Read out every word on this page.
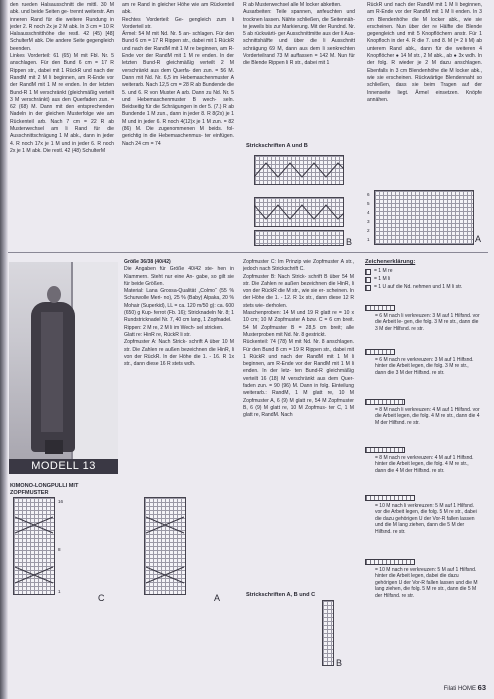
den rueden Halsausschnitt die mittl. 30 M abk. und beide Seiten ge- trennt weiterstr. Am inneren Rand für die weitere Rundung in jeder 2. R noch 2x je 2 M abk. In 3 cm = 10 R Halsausschnitthöhe die restl. 42 (45) [48] SchulterM abk. Die andere Seite gegengleich beenden.

Linkes Vorderteil: 61 (65) M mit Fbl. Nr. 5 anschlagen. Für den Bund 6 cm = 17 R Rippen str., dabei mit 1 RückR und nach der RandM mit 2 M li beginnen, am R-Ende vor der RandM mit 1 M re enden. In der letzten Bund-R 1 M verschränkt (gleichmäßig verteilt 3 M verschränkt) aus den Querfaden zun. = 62 (68) M. Dann mit den entsprechenden Nadeln in der gleichen Musterfolge wie am Rückenteil arb. Nach 7 cm = 22 R ab Musterwechsel am li Rand für die Ausschnittschrägung 1 M abk., dann in jeder 4. R noch 17x je 1 M und in jeder 6. R noch 2x je 1 M abk. Die restl. 42 (48) SchulterM

am re Rand in gleicher Höhe wie am Rückenteil abk.

Rechtes Vorderteil: Ge- gengleich zum li Vorderteil str.

Ärmel: 54 M mit Nd. Nr. 5 an- schlagen. Für den Bund 6 cm = 17 R Rippen str., dabei mit 1 RückR und nach der RandM mit 1 M re beginnen, am R-Ende vor der RandM mit 1 M re enden. In der letzten Bund-R gleichmäßig verteilt 2 M verschränkt aus dem Querfa- den zun. = 56 M. Dann mit Nd. Nr. 6,5 im Hebemaschenmuster A weiterarb. Nach 12,5 cm = 28 R ab Bundende die 5. und 6. R von Muster A arb. Dann zu Nd. Nr. 5 und Hebemaschenmuster B wech- seln. Beidseitig für die Schrägungen in der 5. (7.) R ab Bundende 1 M zun., dann in jeder 8. R 8(2x) je 1 M und in jeder 6. R noch 4(12)x je 1 M zun. = 82 (86) M. Die zugenommenen M beids. fol- gerichtig in die Hebemaschenmus- ter einfügen. Nach 24 cm = 74

R ab Musterwechsel alle M locker abketten.

Ausarbeiten: Teile spannen, anfeuchten und trocknen lassen. Nähte schließen, die Seitennäh- te jeweils bis zur Markierung. Mit der Rundnd. Nr. 5 ab rückwärti- ger Ausschnittmitte aus der li Aus- schnittshälfte und über die li Ausschnitt schrägung 69 M, dann aus dem li senkrechten Vorderteilrand 73 M auffassen = 142 M. Nun für die Blende Rippen li R str., dabei mit 1

RückR und nach der RandM mit 1 M li beginnen, am R-Ende vor der RandM mit 1 M li enden. In 3 cm Blendenhöhe die M locker abk., wie sie erscheinen. Nun über der re Hälfte die Blende gegengleich und mit 5 Knopflöchern anstr. Für 1 Knopfloch in der 4. R die 7. und 8. M (= 2 li M) ab unterem Rand abk., dann für die weiteren 4 Knopflöcher ● 14 M str., 2 M abk., ab ● 3x wdh. In der folg. R wieder je 2 M dazu anschlagen. Ebenfalls in 3 cm Blendenhöhe die M locker abk., wie sie erscheinen. Rückwärtige Blendennaht so schließen, dass sie beim Tragen auf der Innenseite liegt. Ärmel einsetzen. Knöpfe annähen.

Strickschriften A und B
B
6
5
4
3
2
1	A
MODELL 13
KIMONO-LONGPULLI MIT ZOPFMUSTER

Größe 36/38 (40/42)

Die Angaben für Größe 40/42 ste- hen in Klammern. Steht nur eine An- gabe, so gilt sie für beide Größen.

Material: Lana Grossa-Qualität „Colmo“ (55 % Schurwolle Meri- no), 25 % (Baby) Alpaka, 20 % Mohair (Superkid), LL = ca. 120 m/50 g): ca. 600 (650) g Kup- ferrot (Fb. 16); Stricknadeln Nr. 8; 1 Rundstricknadel Nr. 7, 40 cm lang, 1 Zopfnadel.

Rippen: 2 M re, 2 M li im Wech- sel stricken.

Glatt re: HinR re, RückR li str.

Zopfmuster A: Nach Strick- schrift A über 10 M str. Die Zahlen re außen bezeichnen die HinR, li von der RückR. In der Höhe die 1. - 16. R 1x str., dann diese 16 R stets wdh.

Zopfmuster C: Im Prinzip wie Zopfmuster A str., jedoch nach Strickschrift C.

Zopfmuster B: Nach Strick- schrift B über 54 M str. Die Zahlen re außen bezeichnen die HinR, li von der RückR die M str., wie sie er- scheinen. In der Höhe die 1. - 12. R 1x str., dann diese 12 R stets wie- derholen.

Maschenproben: 14 M und 19 R glatt re = 10 x 10 cm; 10 M Zopfmuster A bzw. C = 6 cm breit. 54 M Zopfmuster B = 28,5 cm breit; alle Musterproben mit Nd. Nr. 8 gestrickt.

Rückenteil: 74 (78) M mit Nd. Nr. 8 anschlagen. Für den Bund 8 cm = 19 R Rippen str., dabei mit 1 RückR und nach der RandM mit 1 M li beginnen, am R-Ende vor der RandM mit 1 M li enden. In der letz- ten Bund-R gleichmäßig verteilt 16 (18) M verschränkt aus dem Quer- faden zun. = 90 (96) M. Dann in folg. Einteilung weiterarb.: RandM, 1 M glatt re, 10 M Zopfmuster A, 6 (9) M glatt re, 54 M Zopfmuster B, 6 (9) M glatt re, 10 M Zopfmus- ter C, 1 M glatt re, RandM. Nach

Zeichenerklärung:
= 1 M re
= 1 M li
= 1 U auf die Nd. nehmen und 1 M li str.
= 6 M nach li verkreuzen: 3 M auf 1 Hilfsnd. vor die Arbeit le- gen, die folg. 3 M re str., dann die 3 M der Hilfsnd. re str.
= 6 M nach re verkreuzen: 3 M auf 1 Hilfsnd. hinter die Arbeit legen, die folg. 3 M re str., dann die 3 M der Hilfsnd. re str.
= 8 M nach li verkreuzen: 4 M auf 1 Hilfsnd. vor die Arbeit legen, die folg. 4 M re str., dann die 4 M der Hilfsnd. re str.
= 8 M nach re verkreuzen: 4 M auf 1 Hilfsnd. hinter die Arbeit legen, die folg. 4 M re str., dann die 4 M der Hilfsnd. re str.
= 10 M nach li verkreuzen: 5 M auf 1 Hilfsnd. vor die Arbeit legen, die folg. 5 M re str., dabei die dazu gehörigen U der Vor-R fallen lassen und die M lang ziehen, dann die 5 M der Hilfsnd. re str.
= 10 M nach re verkreuzen: 5 M auf 1 Hilfsnd. hinter die Arbeit legen, dabei die dazu gehörigen U der Vor-R fallen lassen und die M lang ziehen, die folg. 5 M re str., dann die 5 M der Hilfsnd. re str.
16
8
1
C	A	Strickschriften A, B und C
B
Filati HOME 63
